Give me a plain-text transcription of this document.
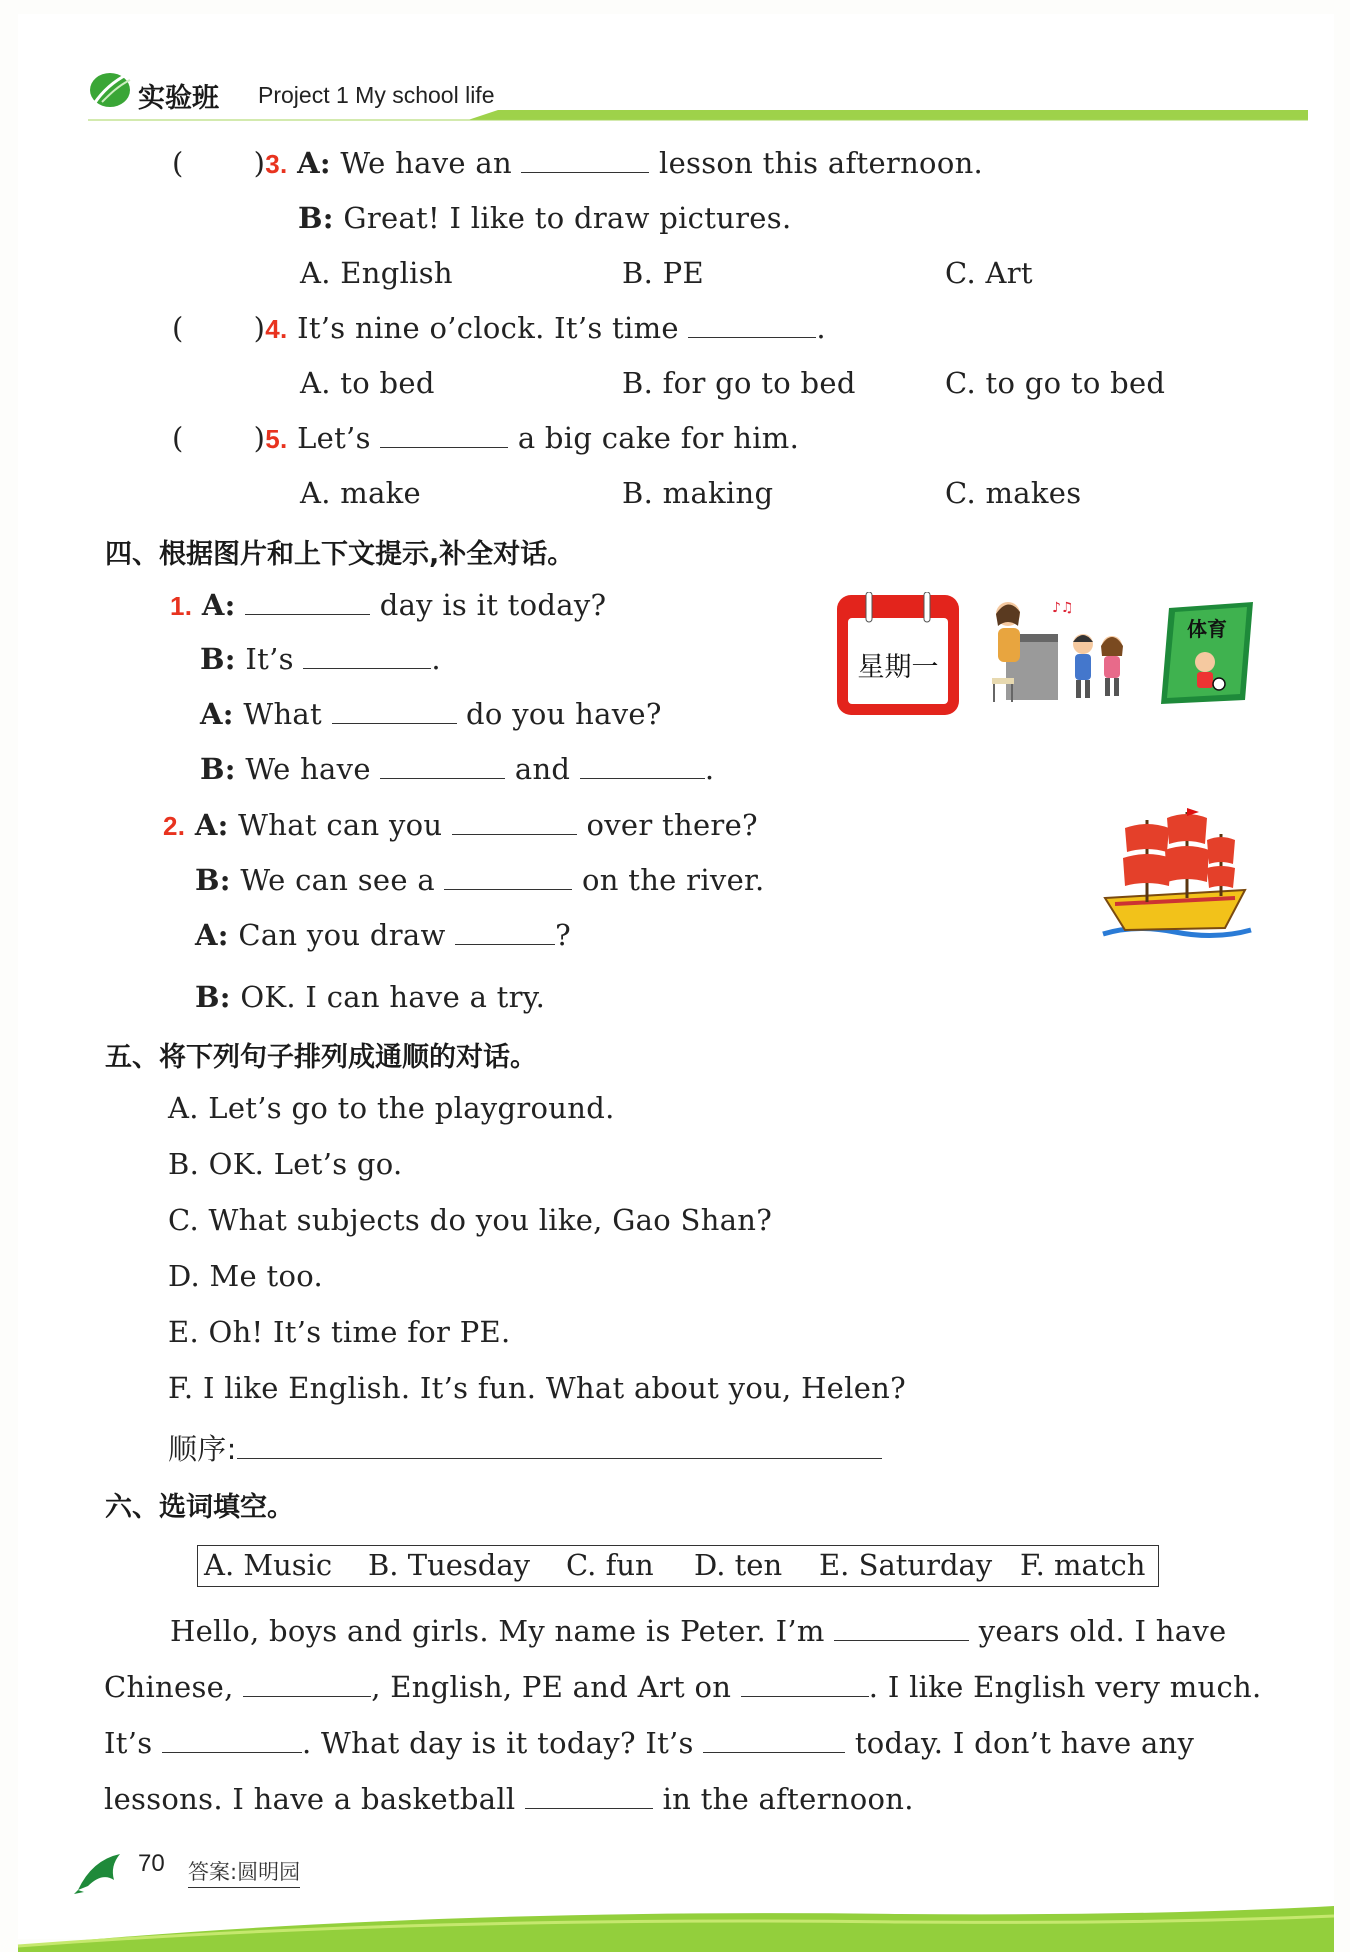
实验班 Project 1 My school life
( )3. A: We have an	lesson this afternoon.
B: Great! I like to draw pictures.
A. English	B. PE	C. Art
( )4. It’s nine o’clock. It’s time	.
A. to bed	B. for go to bed	C. to go to bed
( )5. Let’s	a big cake for him.
A. make	B. making	C. makes
四、根据图片和上下文提示,补全对话。
1. A:	day is it today?
B: It’s	.
A: What	do you have?
B: We have	and	.
星期一
♪♫
体育
2. A: What can you	over there?
B: We can see a	on the river.
A: Can you draw	?
B: OK. I can have a try.
五、将下列句子排列成通顺的对话。
A. Let’s go to the playground.
B. OK. Let’s go.
C. What subjects do you like, Gao Shan?
D. Me too.
E. Oh! It’s time for PE.
F. I like English. It’s fun. What about you, Helen?
顺序:
六、选词填空。
A. Music B. Tuesday C. fun D. ten E. Saturday F. match
Hello, boys and girls. My name is Peter. I’m	years old. I have
Chinese,	, English, PE and Art on	. I like English very much.
It’s	. What day is it today? It’s	today. I don’t have any
lessons. I have a basketball	in the afternoon.
70 答案:圆明园
